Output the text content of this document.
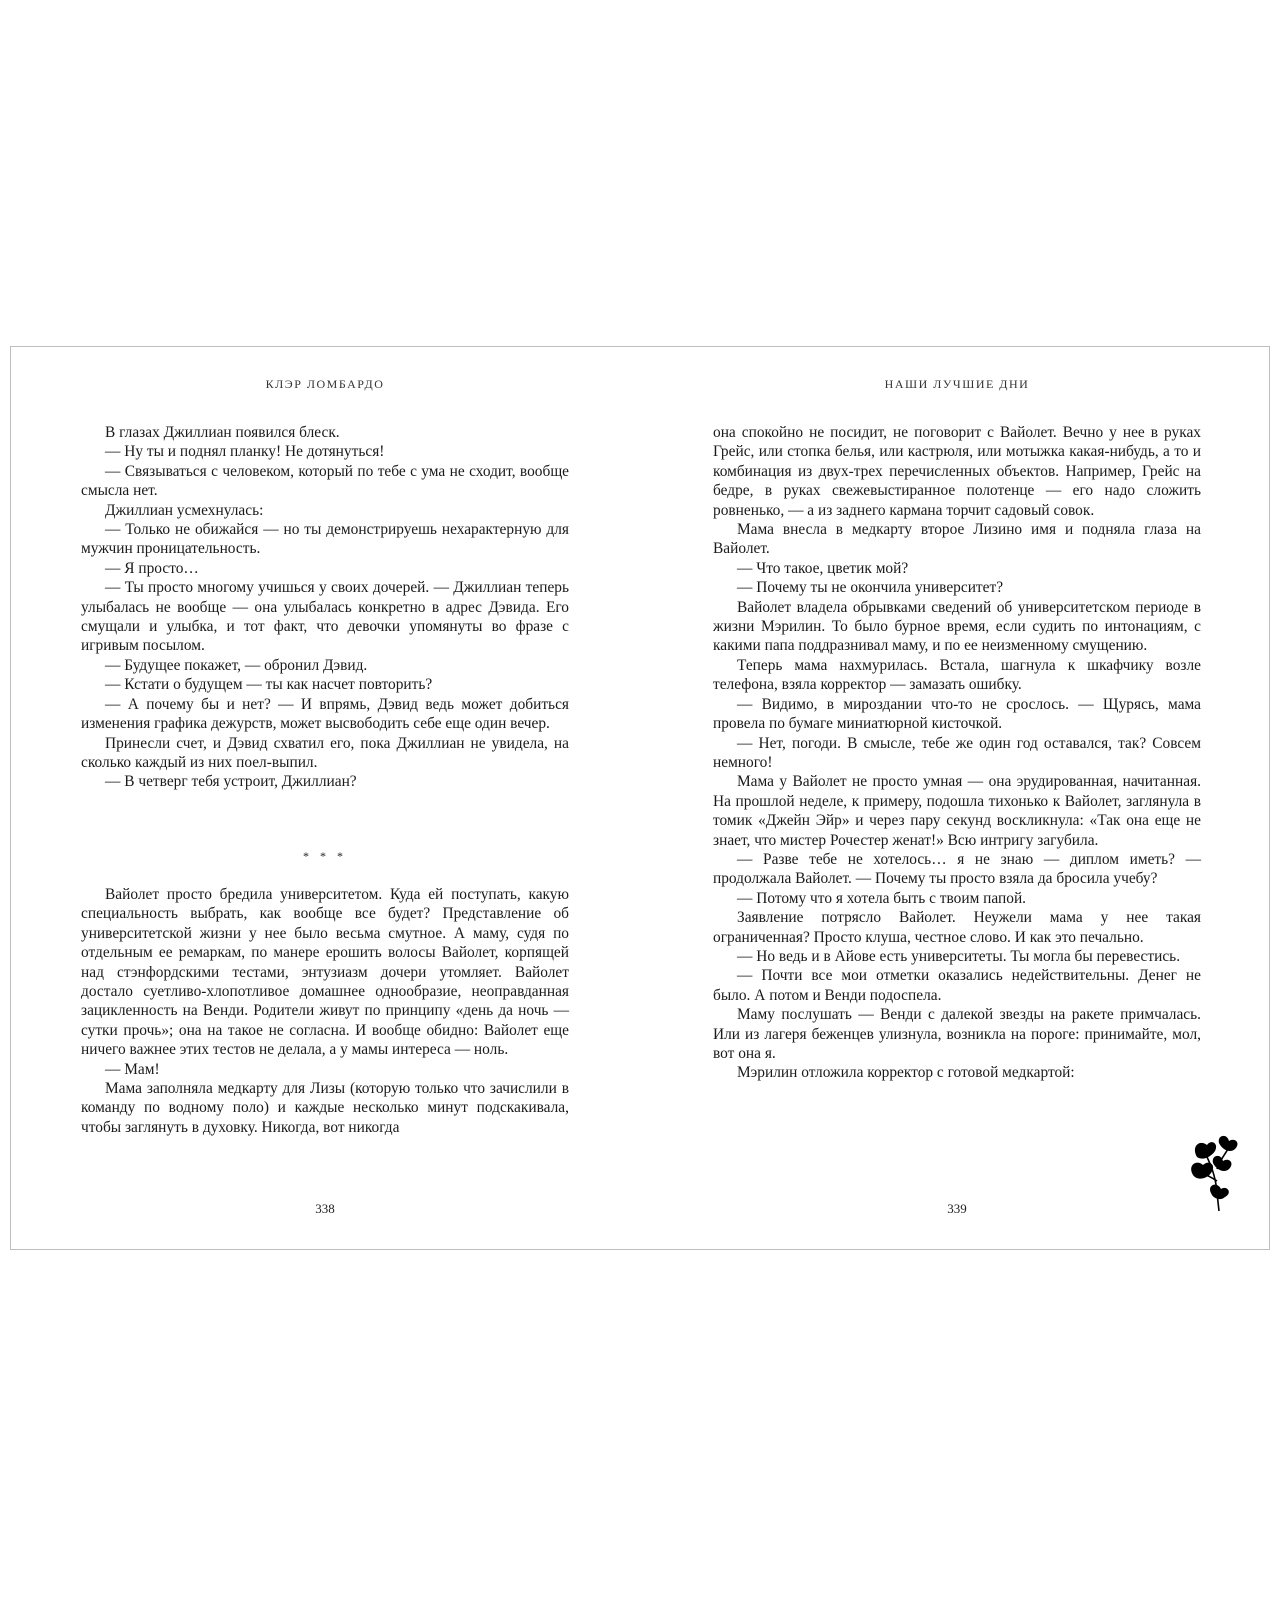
КЛЭР ЛОМБАРДО

В глазах Джиллиан появился блеск.

— Ну ты и поднял планку! Не дотянуться!

— Связываться с человеком, который по тебе с ума не сходит, вообще смысла нет.

Джиллиан усмехнулась:

— Только не обижайся — но ты демонстрируешь нехарактерную для мужчин проницательность.

— Я просто…

— Ты просто многому учишься у своих дочерей. — Джиллиан теперь улыбалась не вообще — она улыбалась конкретно в адрес Дэвида. Его смущали и улыбка, и тот факт, что девочки упомянуты во фразе с игривым посылом.

— Будущее покажет, — обронил Дэвид.

— Кстати о будущем — ты как насчет повторить?

— А почему бы и нет? — И впрямь, Дэвид ведь может добиться изменения графика дежурств, может высвободить себе еще один вечер.

Принесли счет, и Дэвид схватил его, пока Джиллиан не увидела, на сколько каждый из них поел-выпил.

— В четверг тебя устроит, Джиллиан?

* * *

Вайолет просто бредила университетом. Куда ей поступать, какую специальность выбрать, как вообще все будет? Представление об университетской жизни у нее было весьма смутное. А маму, судя по отдельным ее ремаркам, по манере ерошить волосы Вайолет, корпящей над стэнфордскими тестами, энтузиазм дочери утомляет. Вайолет достало суетливо-хлопотливое домашнее однообразие, неоправданная зацикленность на Венди. Родители живут по принципу «день да ночь — сутки прочь»; она на такое не согласна. И вообще обидно: Вайолет еще ничего важнее этих тестов не делала, а у мамы интереса — ноль.

— Мам!

Мама заполняла медкарту для Лизы (которую только что зачислили в команду по водному поло) и каждые несколько минут подскакивала, чтобы заглянуть в духовку. Никогда, вот никогда

338
НАШИ ЛУЧШИЕ ДНИ

она спокойно не посидит, не поговорит с Вайолет. Вечно у нее в руках Грейс, или стопка белья, или кастрюля, или мотыжка какая-нибудь, а то и комбинация из двух-трех перечисленных объектов. Например, Грейс на бедре, в руках свежевыстиранное полотенце — его надо сложить ровненько, — а из заднего кармана торчит садовый совок.

Мама внесла в медкарту второе Лизино имя и подняла глаза на Вайолет.

— Что такое, цветик мой?

— Почему ты не окончила университет?

Вайолет владела обрывками сведений об университетском периоде в жизни Мэрилин. То было бурное время, если судить по интонациям, с какими папа поддразнивал маму, и по ее неизменному смущению.

Теперь мама нахмурилась. Встала, шагнула к шкафчику возле телефона, взяла корректор — замазать ошибку.

— Видимо, в мироздании что-то не срослось. — Щурясь, мама провела по бумаге миниатюрной кисточкой.

— Нет, погоди. В смысле, тебе же один год оставался, так? Совсем немного!

Мама у Вайолет не просто умная — она эрудированная, начитанная. На прошлой неделе, к примеру, подошла тихонько к Вайолет, заглянула в томик «Джейн Эйр» и через пару секунд воскликнула: «Так она еще не знает, что мистер Рочестер женат!» Всю интригу загубила.

— Разве тебе не хотелось… я не знаю — диплом иметь? — продолжала Вайолет. — Почему ты просто взяла да бросила учебу?

— Потому что я хотела быть с твоим папой.

Заявление потрясло Вайолет. Неужели мама у нее такая ограниченная? Просто клуша, честное слово. И как это печально.

— Но ведь и в Айове есть университеты. Ты могла бы перевестись.

— Почти все мои отметки оказались недействительны. Денег не было. А потом и Венди подоспела.

Маму послушать — Венди с далекой звезды на ракете примчалась. Или из лагеря беженцев улизнула, возникла на пороге: принимайте, мол, вот она я.

Мэрилин отложила корректор с готовой медкартой:

339
